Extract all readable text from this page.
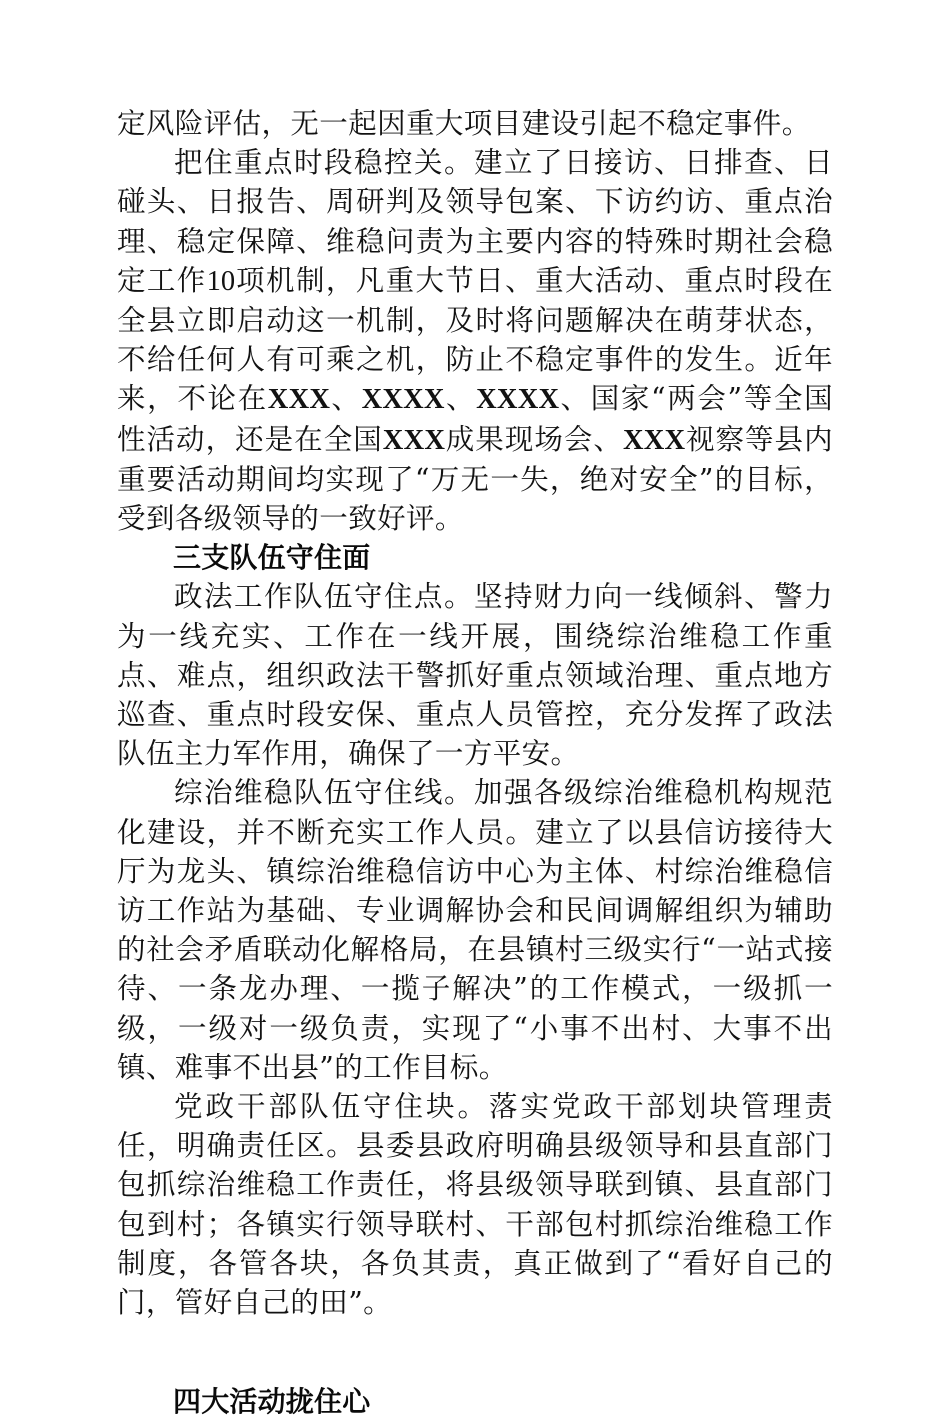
定风险评估，无一起因重大项目建设引起不稳定事件。

把住重点时段稳控关。建立了日接访、日排查、日碰头、日报告、周研判及领导包案、下访约访、重点治理、稳定保障、维稳问责为主要内容的特殊时期社会稳定工作10项机制，凡重大节日、重大活动、重点时段在全县立即启动这一机制，及时将问题解决在萌芽状态，不给任何人有可乘之机，防止不稳定事件的发生。近年来，不论在XXX、XXXX、XXXX、国家“两会”等全国性活动，还是在全国XXX成果现场会、XXX视察等县内重要活动期间均实现了“万无一失，绝对安全”的目标，受到各级领导的一致好评。

三支队伍守住面

政法工作队伍守住点。坚持财力向一线倾斜、警力为一线充实、工作在一线开展，围绕综治维稳工作重点、难点，组织政法干警抓好重点领域治理、重点地方巡查、重点时段安保、重点人员管控，充分发挥了政法队伍主力军作用，确保了一方平安。

综治维稳队伍守住线。加强各级综治维稳机构规范化建设，并不断充实工作人员。建立了以县信访接待大厅为龙头、镇综治维稳信访中心为主体、村综治维稳信访工作站为基础、专业调解协会和民间调解组织为辅助的社会矛盾联动化解格局，在县镇村三级实行“一站式接待、一条龙办理、一揽子解决”的工作模式，一级抓一级，一级对一级负责，实现了“小事不出村、大事不出镇、难事不出县”的工作目标。

党政干部队伍守住块。落实党政干部划块管理责任，明确责任区。县委县政府明确县级领导和县直部门包抓综治维稳工作责任，将县级领导联到镇、县直部门包到村；各镇实行领导联村、干部包村抓综治维稳工作制度，各管各块，各负其责，真正做到了“看好自己的门，管好自己的田”。

四大活动拢住心
